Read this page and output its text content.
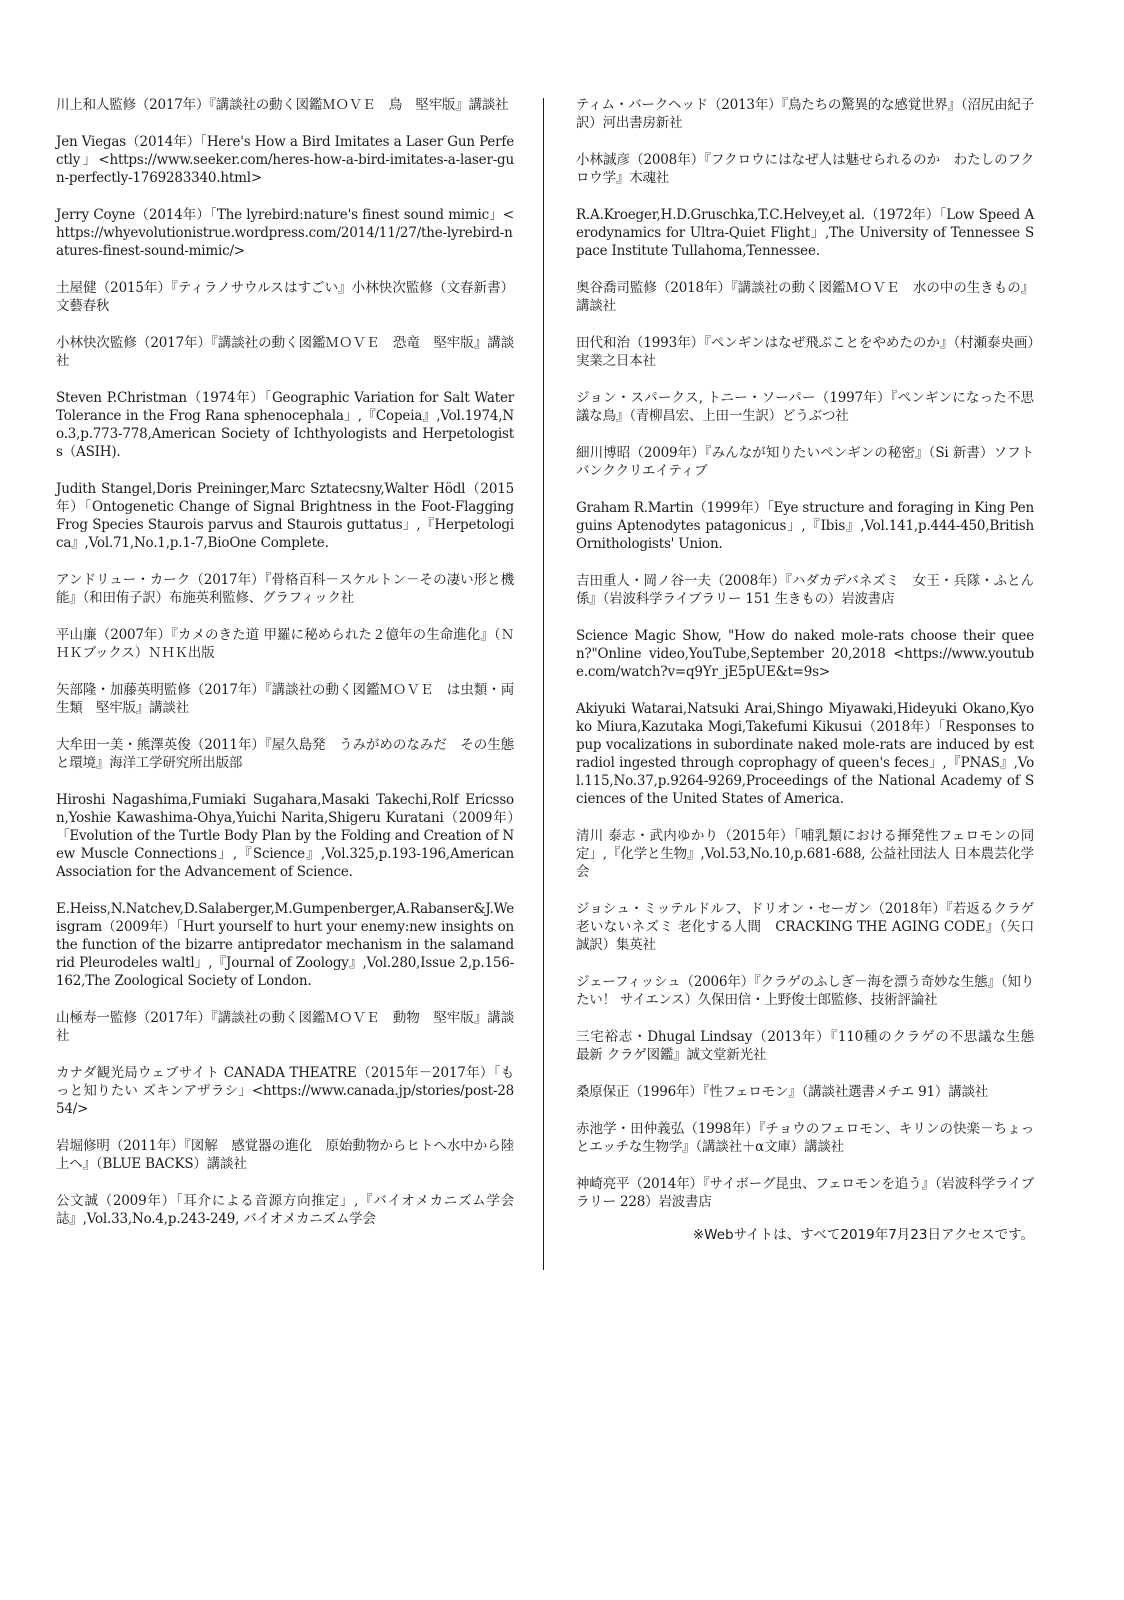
川上和人監修（2017年）『講談社の動く図鑑ＭＯＶＥ　鳥　堅牢版』講談社

Jen Viegas（2014年）「Here's How a Bird Imitates a Laser Gun Perfectly」<https://www.seeker.com/heres-how-a-bird-imitates-a-laser-gun-perfectly-1769283340.html>

Jerry Coyne（2014年）「The lyrebird:nature's finest sound mimic」<https://whyevolutionistrue.wordpress.com/2014/11/27/the-lyrebird-natures-finest-sound-mimic/>

土屋健（2015年）『ティラノサウルスはすごい』小林快次監修（文春新書）文藝春秋

小林快次監修（2017年）『講談社の動く図鑑ＭＯＶＥ　恐竜　堅牢版』講談社

Steven P.Christman（1974年）「Geographic Variation for Salt Water Tolerance in the Frog Rana sphenocephala」,『Copeia』,Vol.1974,No.3,p.773-778,American Society of Ichthyologists and Herpetologists（ASIH).

Judith Stangel,Doris Preininger,Marc Sztatecsny,Walter Hödl（2015年）「Ontogenetic Change of Signal Brightness in the Foot-Flagging Frog Species Staurois parvus and Staurois guttatus」,『Herpetologica』,Vol.71,No.1,p.1-7,BioOne Complete.

アンドリュー・カーク（2017年）『骨格百科－スケルトン－その凄い形と機能』（和田侑子訳）布施英利監修、グラフィック社

平山廉（2007年）『カメのきた道 甲羅に秘められた２億年の生命進化』（ＮＨＫブックス）ＮＨＫ出版

矢部隆・加藤英明監修（2017年）『講談社の動く図鑑ＭＯＶＥ　は虫類・両生類　堅牢版』講談社

大牟田一美・熊澤英俊（2011年）『屋久島発　うみがめのなみだ　その生態と環境』海洋工学研究所出版部

Hiroshi Nagashima,Fumiaki Sugahara,Masaki Takechi,Rolf Ericsson,Yoshie Kawashima-Ohya,Yuichi Narita,Shigeru Kuratani（2009年）「Evolution of the Turtle Body Plan by the Folding and Creation of New Muscle Connections」,『Science』,Vol.325,p.193-196,American Association for the Advancement of Science.

E.Heiss,N.Natchev,D.Salaberger,M.Gumpenberger,A.Rabanser&J.Weisgram（2009年）「Hurt yourself to hurt your enemy:new insights on the function of the bizarre antipredator mechanism in the salamandrid Pleurodeles waltl」,『Journal of Zoology』,Vol.280,Issue 2,p.156-162,The Zoological Society of London.

山極寿一監修（2017年）『講談社の動く図鑑ＭＯＶＥ　動物　堅牢版』講談社

カナダ観光局ウェブサイト CANADA THEATRE（2015年－2017年）「もっと知りたい ズキンアザラシ」<https://www.canada.jp/stories/post-2854/>

岩堀修明（2011年）『図解　感覚器の進化　原始動物からヒトへ水中から陸上へ』（BLUE BACKS）講談社

公文誠（2009年）「耳介による音源方向推定」,『バイオメカニズム学会誌』,Vol.33,No.4,p.243-249, バイオメカニズム学会

ティム・バークヘッド（2013年）『鳥たちの驚異的な感覚世界』（沼尻由紀子訳）河出書房新社

小林誠彦（2008年）『フクロウにはなぜ人は魅せられるのか　わたしのフクロウ学』木魂社

R.A.Kroeger,H.D.Gruschka,T.C.Helvey,et al.（1972年）「Low Speed Aerodynamics for Ultra-Quiet Flight」,The University of Tennessee Space Institute Tullahoma,Tennessee.

奥谷喬司監修（2018年）『講談社の動く図鑑ＭＯＶＥ　水の中の生きもの』講談社

田代和治（1993年）『ペンギンはなぜ飛ぶことをやめたのか』（村瀬泰央画）実業之日本社

ジョン・スパークス, トニー・ソーパー（1997年）『ペンギンになった不思議な鳥』（青柳昌宏、上田一生訳）どうぶつ社

細川博昭（2009年）『みんなが知りたいペンギンの秘密』（Si 新書）ソフトバンククリエイティブ

Graham R.Martin（1999年）「Eye structure and foraging in King Penguins Aptenodytes patagonicus」,『Ibis』,Vol.141,p.444-450,British Ornithologists' Union.

吉田重人・岡ノ谷一夫（2008年）『ハダカデバネズミ　女王・兵隊・ふとん係』（岩波科学ライブラリー 151 生きもの）岩波書店

Science Magic Show, "How do naked mole-rats choose their queen?"Online video,YouTube,September 20,2018 <https://www.youtube.com/watch?v=q9Yr_jE5pUE&t=9s>

Akiyuki Watarai,Natsuki Arai,Shingo Miyawaki,Hideyuki Okano,Kyoko Miura,Kazutaka Mogi,Takefumi Kikusui（2018年）「Responses to pup vocalizations in subordinate naked mole-rats are induced by estradiol ingested through coprophagy of queen's feces」,『PNAS』,Vol.115,No.37,p.9264-9269,Proceedings of the National Academy of Sciences of the United States of America.

清川 泰志・武内ゆかり（2015年）「哺乳類における揮発性フェロモンの同定」,『化学と生物』,Vol.53,No.10,p.681-688, 公益社団法人 日本農芸化学会

ジョシュ・ミッテルドルフ、ドリオン・セーガン（2018年）『若返るクラゲ 老いないネズミ 老化する人間　CRACKING THE AGING CODE』（矢口誠訳）集英社

ジェーフィッシュ（2006年）『クラゲのふしぎ－海を漂う奇妙な生態』（知りたい！ サイエンス）久保田信・上野俊士郎監修、技術評論社

三宅裕志・Dhugal Lindsay（2013年）『110種のクラゲの不思議な生態　最新 クラゲ図鑑』誠文堂新光社

桑原保正（1996年）『性フェロモン』（講談社選書メチエ 91）講談社

赤池学・田仲義弘（1998年）『チョウのフェロモン、キリンの快楽－ちょっとエッチな生物学』（講談社＋α文庫）講談社

神崎亮平（2014年）『サイボーグ昆虫、フェロモンを追う』（岩波科学ライブラリー 228）岩波書店

※Webサイトは、すべて2019年7月23日アクセスです。
